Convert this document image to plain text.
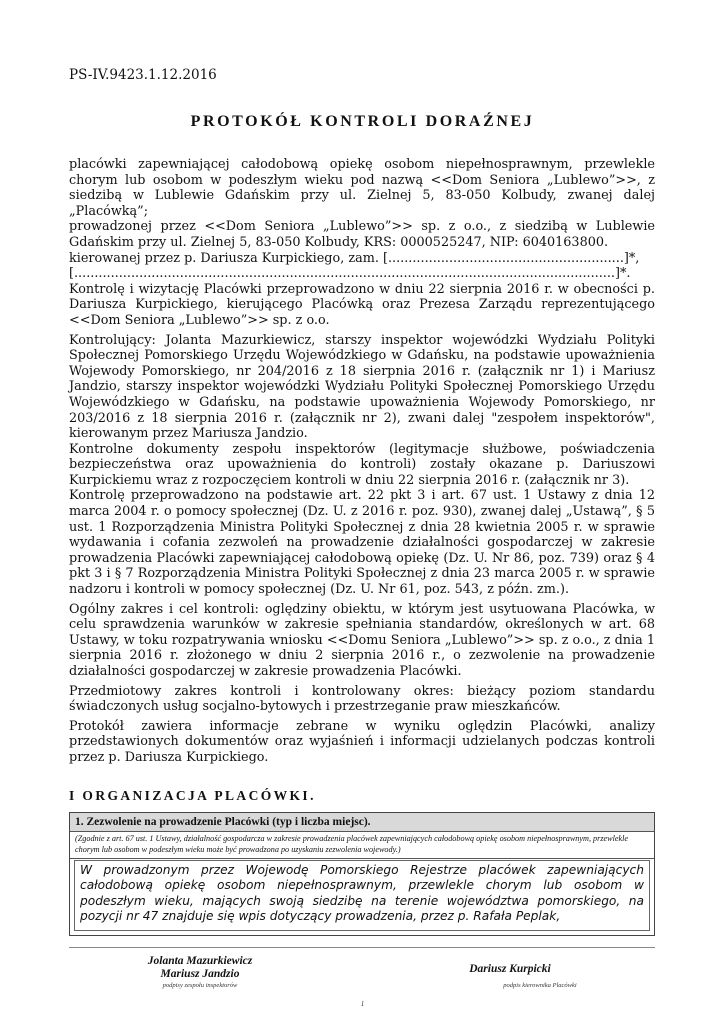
PS-IV.9423.1.12.2016
PROTOKÓŁ KONTROLI DORAŹNEJ

placówki zapewniającej całodobową opiekę osobom niepełnosprawnym, przewlekle chorym lub osobom w podeszłym wieku pod nazwą <<Dom Seniora „Lublewo”>>, z siedzibą w Lublewie Gdańskim przy ul. Zielnej 5, 83-050 Kolbudy, zwanej dalej „Placówką”;

prowadzonej przez <<Dom Seniora „Lublewo”>> sp. z o.o., z siedzibą w Lublewie Gdańskim przy ul. Zielnej 5, 83-050 Kolbudy, KRS: 0000525247, NIP: 6040163800.

kierowanej przez p. Dariusza Kurpickiego, zam. [..........................................................]*,

[.....................................................................................................................................]*.

Kontrolę i wizytację Placówki przeprowadzono w dniu 22 sierpnia 2016 r. w obecności p. Dariusza Kurpickiego, kierującego Placówką oraz Prezesa Zarządu reprezentującego <<Dom Seniora „Lublewo”>> sp. z o.o.

Kontrolujący: Jolanta Mazurkiewicz, starszy inspektor wojewódzki Wydziału Polityki Społecznej Pomorskiego Urzędu Wojewódzkiego w Gdańsku, na podstawie upoważnienia Wojewody Pomorskiego, nr 204/2016 z 18 sierpnia 2016 r. (załącznik nr 1) i Mariusz Jandzio, starszy inspektor wojewódzki Wydziału Polityki Społecznej Pomorskiego Urzędu Wojewódzkiego w Gdańsku, na podstawie upoważnienia Wojewody Pomorskiego, nr 203/2016 z 18 sierpnia 2016 r. (załącznik nr 2), zwani dalej "zespołem inspektorów", kierowanym przez Mariusza Jandzio.

Kontrolne dokumenty zespołu inspektorów (legitymacje służbowe, poświadczenia bezpieczeństwa oraz upoważnienia do kontroli) zostały okazane p. Dariuszowi Kurpickiemu wraz z rozpoczęciem kontroli w dniu 22 sierpnia 2016 r. (załącznik nr 3).

Kontrolę przeprowadzono na podstawie art. 22 pkt 3 i art. 67 ust. 1 Ustawy z dnia 12 marca 2004 r. o pomocy społecznej (Dz. U. z 2016 r. poz. 930), zwanej dalej „Ustawą”, § 5 ust. 1 Rozporządzenia Ministra Polityki Społecznej z dnia 28 kwietnia 2005 r. w sprawie wydawania i cofania zezwoleń na prowadzenie działalności gospodarczej w zakresie prowadzenia Placówki zapewniającej całodobową opiekę (Dz. U. Nr 86, poz. 739) oraz § 4 pkt 3 i § 7 Rozporządzenia Ministra Polityki Społecznej z dnia 23 marca 2005 r. w sprawie nadzoru i kontroli w pomocy społecznej (Dz. U. Nr 61, poz. 543, z późn. zm.).

Ogólny zakres i cel kontroli: oględziny obiektu, w którym jest usytuowana Placówka, w celu sprawdzenia warunków w zakresie spełniania standardów, określonych w art. 68 Ustawy, w toku rozpatrywania wniosku <<Domu Seniora „Lublewo”>> sp. z o.o., z dnia 1 sierpnia 2016 r. złożonego w dniu 2 sierpnia 2016 r., o zezwolenie na prowadzenie działalności gospodarczej w zakresie prowadzenia Placówki.

Przedmiotowy zakres kontroli i kontrolowany okres: bieżący poziom standardu świadczonych usług socjalno-bytowych i przestrzeganie praw mieszkańców.

Protokół zawiera informacje zebrane w wyniku oględzin Placówki, analizy przedstawionych dokumentów oraz wyjaśnień i informacji udzielanych podczas kontroli przez p. Dariusza Kurpickiego.

I ORGANIZACJA PLACÓWKI.
1. Zezwolenie na prowadzenie Placówki (typ i liczba miejsc).
(Zgodnie z art. 67 ust. 1 Ustawy, działalność gospodarcza w zakresie prowadzenia placówek zapewniających całodobową opiekę osobom niepełnosprawnym, przewlekle chorym lub osobom w podeszłym wieku może być prowadzona po uzyskaniu zezwolenia wojewody.)
W prowadzonym przez Wojewodę Pomorskiego Rejestrze placówek zapewniających całodobową opiekę osobom niepełnosprawnym, przewlekle chorym lub osobom w podeszłym wieku, mających swoją siedzibę na terenie województwa pomorskiego, na pozycji nr 47 znajduje się wpis dotyczący prowadzenia, przez p. Rafała Peplak,
Jolanta Mazurkiewicz
Mariusz Jandzio	Dariusz Kurpicki
podpisy zespołu inspektorów	podpis kierownika Placówki
1
